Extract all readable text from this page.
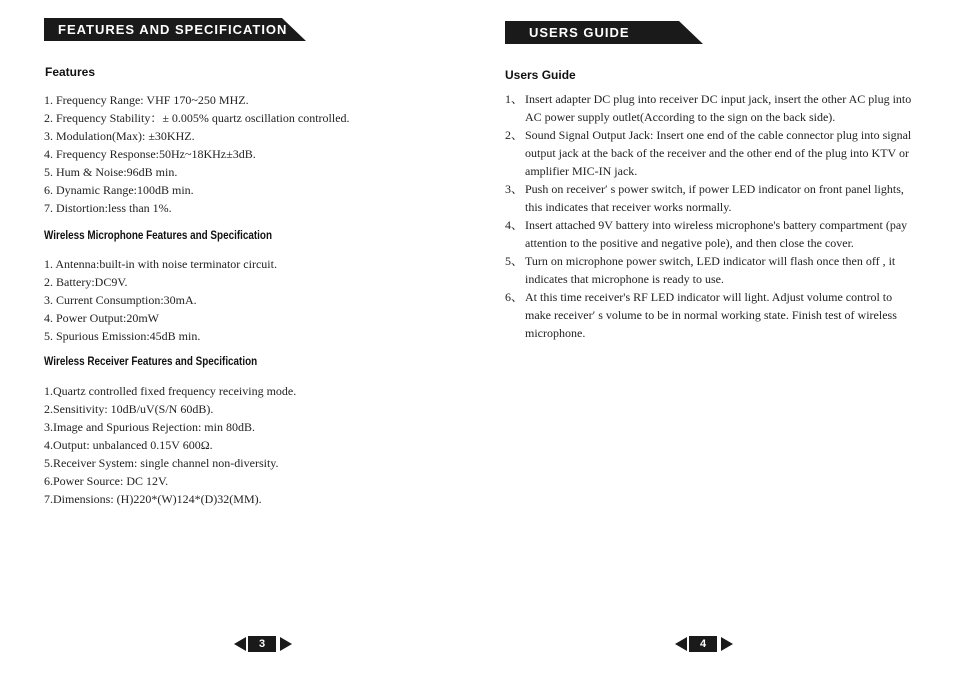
FEATURES AND SPECIFICATION
Features
1. Frequency Range: VHF 170~250 MHZ.
2. Frequency Stability：± 0.005% quartz oscillation controlled.
3. Modulation(Max): ±30KHZ.
4. Frequency Response:50Hz~18KHz±3dB.
5. Hum & Noise:96dB min.
6. Dynamic Range:100dB min.
7. Distortion:less than 1%.
Wireless Microphone Features and Specification
1. Antenna:built-in with noise terminator circuit.
2. Battery:DC9V.
3. Current Consumption:30mA.
4. Power Output:20mW
5. Spurious Emission:45dB min.
Wireless Receiver Features and Specification
1.Quartz controlled fixed frequency receiving mode.
2.Sensitivity: 10dB/uV(S/N 60dB).
3.Image and Spurious Rejection: min 80dB.
4.Output: unbalanced 0.15V 600Ω.
5.Receiver System: single channel non-diversity.
6.Power Source: DC 12V.
7.Dimensions: (H)220*(W)124*(D)32(MM).
3
USERS GUIDE
Users Guide
1、 Insert adapter DC plug into receiver DC input jack, insert the other AC plug into AC power supply outlet(According to the sign on the back side).
2、 Sound Signal Output Jack: Insert one end of the cable connector plug into signal output jack at the back of the receiver and the other end of the plug into KTV or amplifier MIC-IN jack.
3、 Push on receiver′ s power switch, if power LED indicator on front panel lights, this indicates that receiver works normally.
4、 Insert attached 9V battery into wireless microphone's battery compartment (pay attention to the positive and negative pole), and then close the cover.
5、 Turn on microphone power switch, LED indicator will flash once then off , it indicates that microphone is ready to use.
6、 At this time receiver's RF LED indicator will light. Adjust volume control to make receiver′ s volume to be in normal working state. Finish test of wireless microphone.
4
